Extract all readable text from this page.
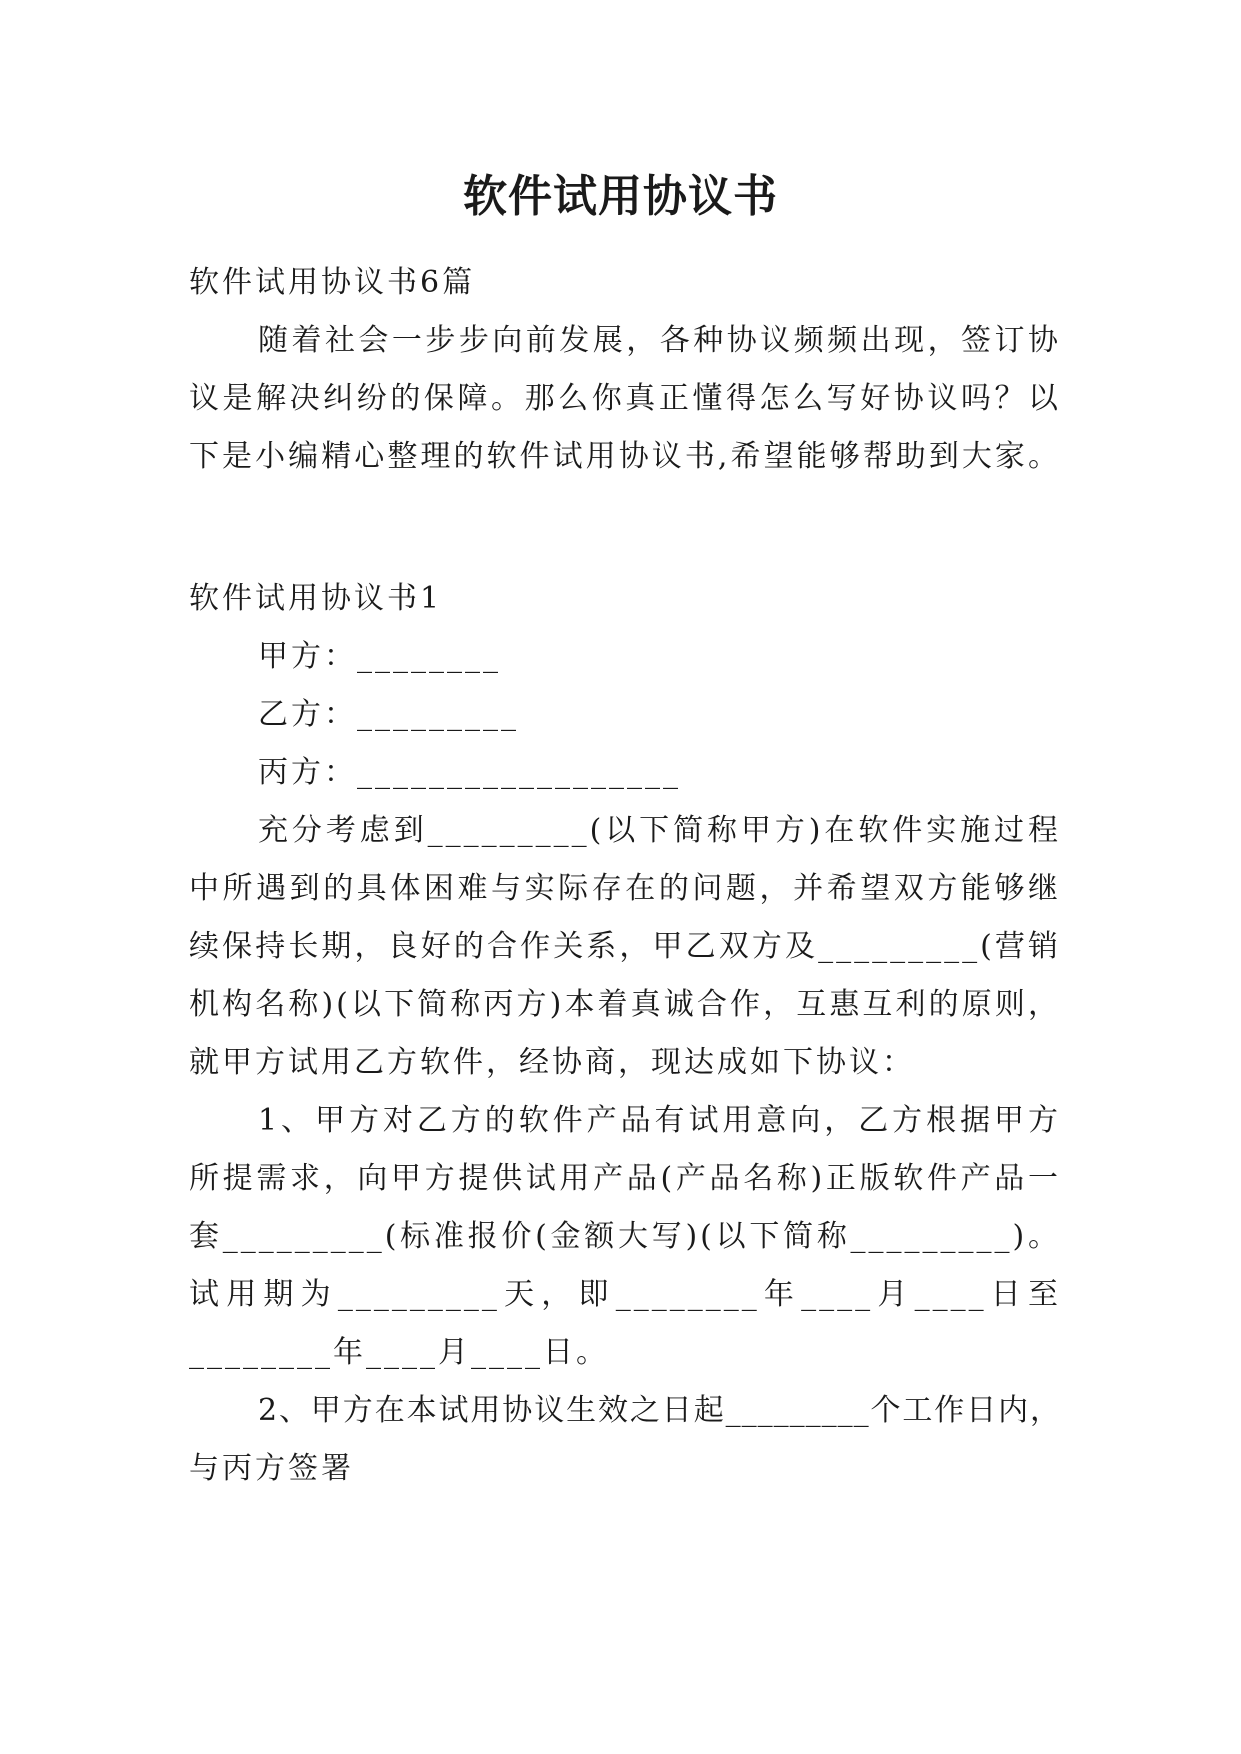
软件试用协议书
软件试用协议书6篇
随着社会一步步向前发展，各种协议频频出现，签订协
议是解决纠纷的保障。那么你真正懂得怎么写好协议吗？以
下是小编精心整理的软件试用协议书,希望能够帮助到大家。
软件试用协议书1
甲方：________
乙方：_________
丙方：__________________
充分考虑到_________(以下简称甲方)在软件实施过程
中所遇到的具体困难与实际存在的问题，并希望双方能够继
续保持长期，良好的合作关系，甲乙双方及_________(营销
机构名称)(以下简称丙方)本着真诚合作，互惠互利的原则，
就甲方试用乙方软件，经协商，现达成如下协议：
1、甲方对乙方的软件产品有试用意向，乙方根据甲方
所提需求，向甲方提供试用产品(产品名称)正版软件产品一
套_________(标准报价(金额大写)(以下简称_________)。
试用期为_________天，即________年____月____日至
________年____月____日。
2、甲方在本试用协议生效之日起_________个工作日内，
与丙方签署
